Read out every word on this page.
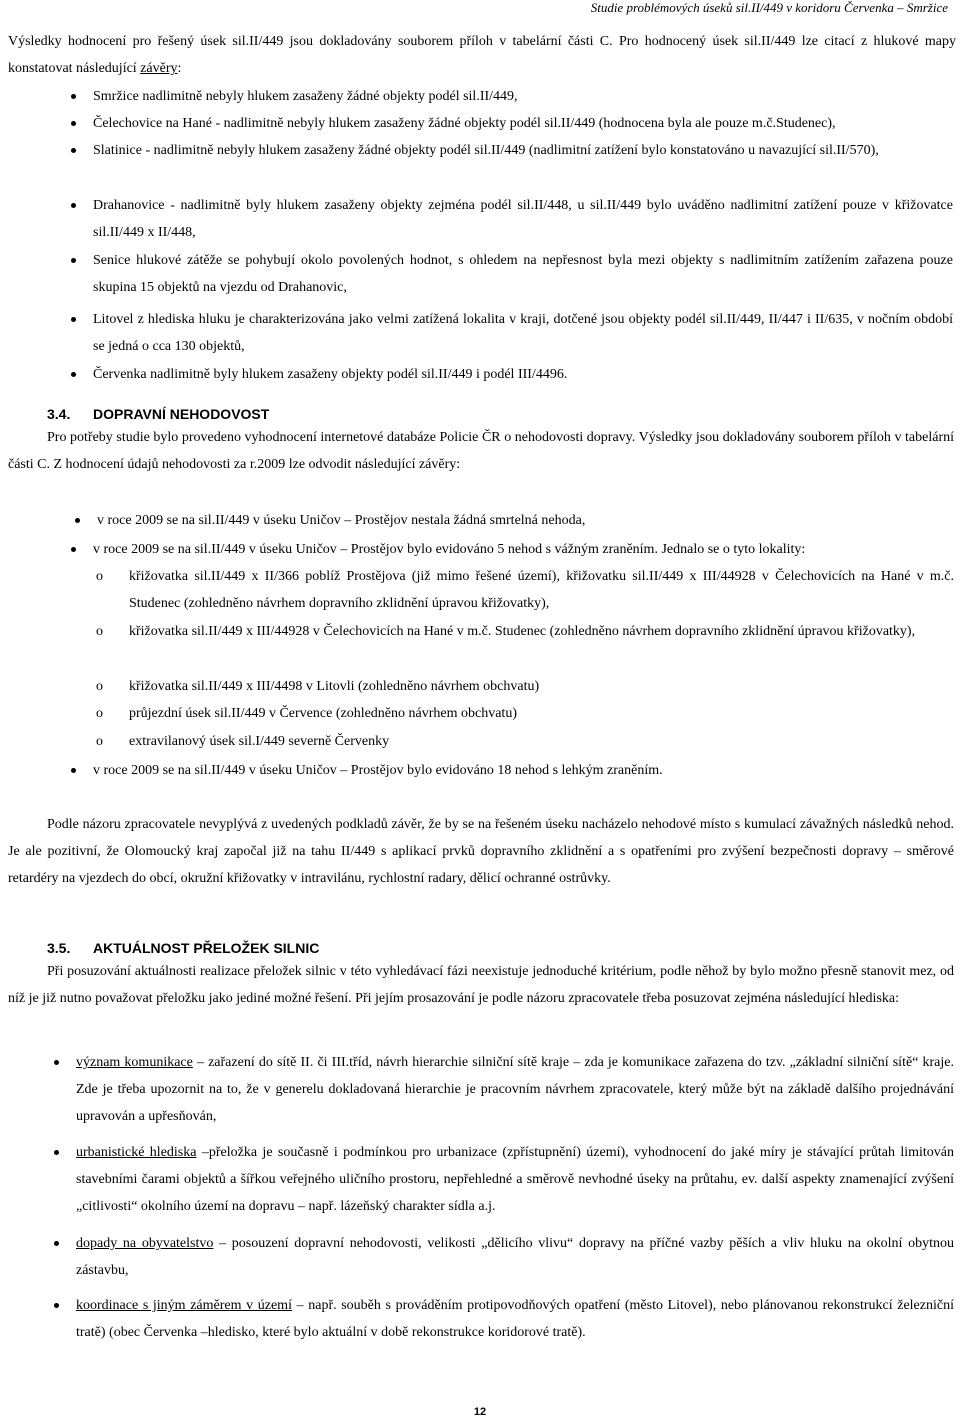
Studie problémových úseků sil.II/449 v koridoru Červenka – Smržice
Výsledky hodnocení pro řešený úsek sil.II/449 jsou dokladovány souborem příloh v tabelární části C. Pro hodnocený úsek sil.II/449 lze citací z hlukové mapy konstatovat následující závěry:
Smržice nadlimitně nebyly hlukem zasaženy žádné objekty podél sil.II/449,
Čelechovice na Hané - nadlimitně nebyly hlukem zasaženy žádné objekty podél sil.II/449 (hodnocena byla ale pouze m.č.Studenec),
Slatinice - nadlimitně nebyly hlukem zasaženy žádné objekty podél sil.II/449 (nadlimitní zatížení bylo konstatováno u navazující sil.II/570),
Drahanovice - nadlimitně byly hlukem zasaženy objekty zejména podél sil.II/448, u sil.II/449 bylo uváděno nadlimitní zatížení pouze v křižovatce sil.II/449 x II/448,
Senice hlukové zátěže se pohybují okolo povolených hodnot, s ohledem na nepřesnost byla mezi objekty s nadlimitním zatížením zařazena pouze skupina 15 objektů na vjezdu od Drahanovic,
Litovel z hlediska hluku je charakterizována jako velmi zatížená lokalita v kraji, dotčené jsou objekty podél sil.II/449, II/447 i II/635, v nočním období se jedná o cca 130 objektů,
Červenka nadlimitně byly hlukem zasaženy objekty podél sil.II/449 i podél III/4496.
3.4. DOPRAVNÍ NEHODOVOST
Pro potřeby studie bylo provedeno vyhodnocení internetové databáze Policie ČR o nehodovosti dopravy. Výsledky jsou dokladovány souborem příloh v tabelární části C. Z hodnocení údajů nehodovosti za r.2009 lze odvodit následující závěry:
v roce 2009 se na sil.II/449 v úseku Uničov – Prostějov nestala žádná smrtelná nehoda,
v roce 2009 se na sil.II/449 v úseku Uničov – Prostějov bylo evidováno 5 nehod s vážným zraněním. Jednalo se o tyto lokality:
o křižovatka sil.II/449 x II/366 poblíž Prostějova (již mimo řešené území), křižovatku sil.II/449 x III/44928 v Čelechovicích na Hané v m.č. Studenec (zohledněno návrhem dopravního zklidnění úpravou křižovatky),
o křižovatka sil.II/449 x III/44928 v Čelechovicích na Hané v m.č. Studenec (zohledněno návrhem dopravního zklidnění úpravou křižovatky),
o křižovatka sil.II/449 x III/4498 v Litovli (zohledněno návrhem obchvatu)
o průjezdní úsek sil.II/449 v Července (zohledněno návrhem obchvatu)
o extravilanový úsek sil.I/449 severně Červenky
v roce 2009 se na sil.II/449 v úseku Uničov – Prostějov bylo evidováno 18 nehod s lehkým zraněním.
Podle názoru zpracovatele nevyplývá z uvedených podkladů závěr, že by se na řešeném úseku nacházelo nehodové místo s kumulací závažných následků nehod. Je ale pozitivní, že Olomoucký kraj započal již na tahu II/449 s aplikací prvků dopravního zklidnění a s opatřeními pro zvýšení bezpečnosti dopravy – směrové retardéry na vjezdech do obcí, okružní křižovatky v intravilánu, rychlostní radary, dělicí ochranné ostrůvky.
3.5. AKTUÁLNOST PŘELOŽEK SILNIC
Při posuzování aktuálnosti realizace přeložek silnic v této vyhledávací fázi neexistuje jednoduché kritérium, podle něhož by bylo možno přesně stanovit mez, od níž je již nutno považovat přeložku jako jediné možné řešení. Při jejím prosazování je podle názoru zpracovatele třeba posuzovat zejména následující hlediska:
význam komunikace – zařazení do sítě II. či III.tříd, návrh hierarchie silniční sítě kraje – zda je komunikace zařazena do tzv. „základní silniční sítě“ kraje. Zde je třeba upozornit na to, že v generelu dokladovaná hierarchie je pracovním návrhem zpracovatele, který může být na základě dalšího projednávání upravován a upřesňován,
urbanistické hlediska –přeložka je současně i podmínkou pro urbanizace (zpřístupnění) území), vyhodnocení do jaké míry je stávající průtah limitován stavebními čarami objektů a šířkou veřejného uličního prostoru, nepřehledné a směrově nevhodné úseky na průtahu, ev. další aspekty znamenající zvýšení „citlivosti“ okolního území na dopravu – např. lázeňský charakter sídla a.j.
dopady na obyvatelstvo – posouzení dopravní nehodovosti, velikosti „dělicího vlivu“ dopravy na příčné vazby pěších a vliv hluku na okolní obytnou zástavbu,
koordinace s jiným záměrem v území – např. souběh s prováděním protipovodňových opatření (město Litovel), nebo plánovanou rekonstrukcí železniční tratě) (obec Červenka –hledisko, které bylo aktuální v době rekonstrukce koridorové tratě).
12
